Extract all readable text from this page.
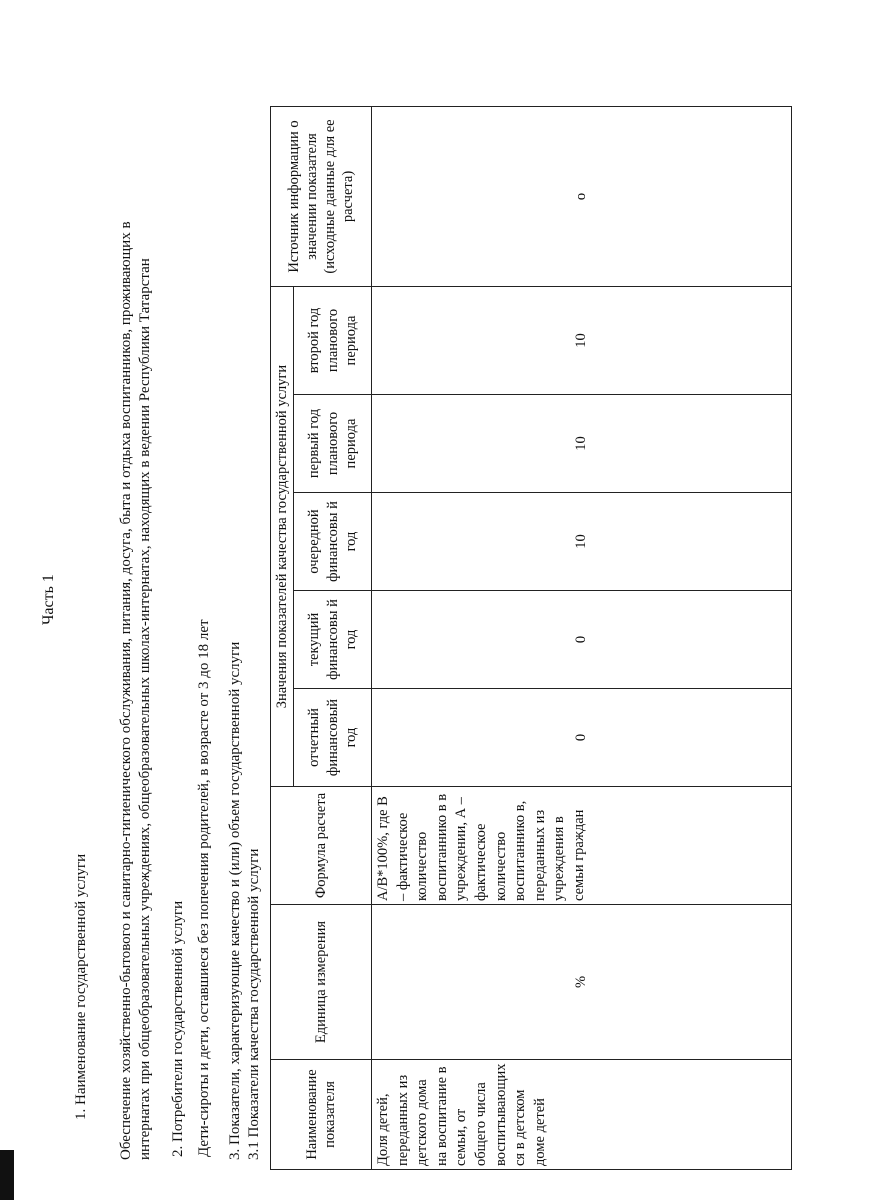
Часть 1
1. Наименование государственной услуги Обеспечение хозяйственно-бытового и санитарно-гигиенического обслуживания, питания, досуга, быта и отдыха воспитанников, проживающих в интернатах при общеобразовательных учреждениях, общеобразовательных школах-интернатах, находящих в ведении Республики Татарстан 2. Потребители государственной услуги Дети-сироты и дети, оставшиеся без попечения родителей, в возрасте от 3 до 18 лет 3. Показатели, характеризующие качество и (или) объем государственной услуги 3.1 Показатели качества государственной услуги	Наименование показателя	Единица измерения	Формула расчета	Значения показателей качества государственной услуги					Источник информации о значении показателя (исходные данные для ее расчета)
			отчетный финансовый год	текущий финансовы й год	очередной финансовы й год	первый год планового периода	второй год планового периода	
Доля детей, переданных из детского дома на воспитание в семьи, от общего числа воспитывающихся в детском доме детей	%	А/В*100%, где В – фактическое количество воспитаннико в в учреждении, А – фактическое количество воспитаннико в, переданных из учреждения в семьи граждан	0	0	10	10	10	о
